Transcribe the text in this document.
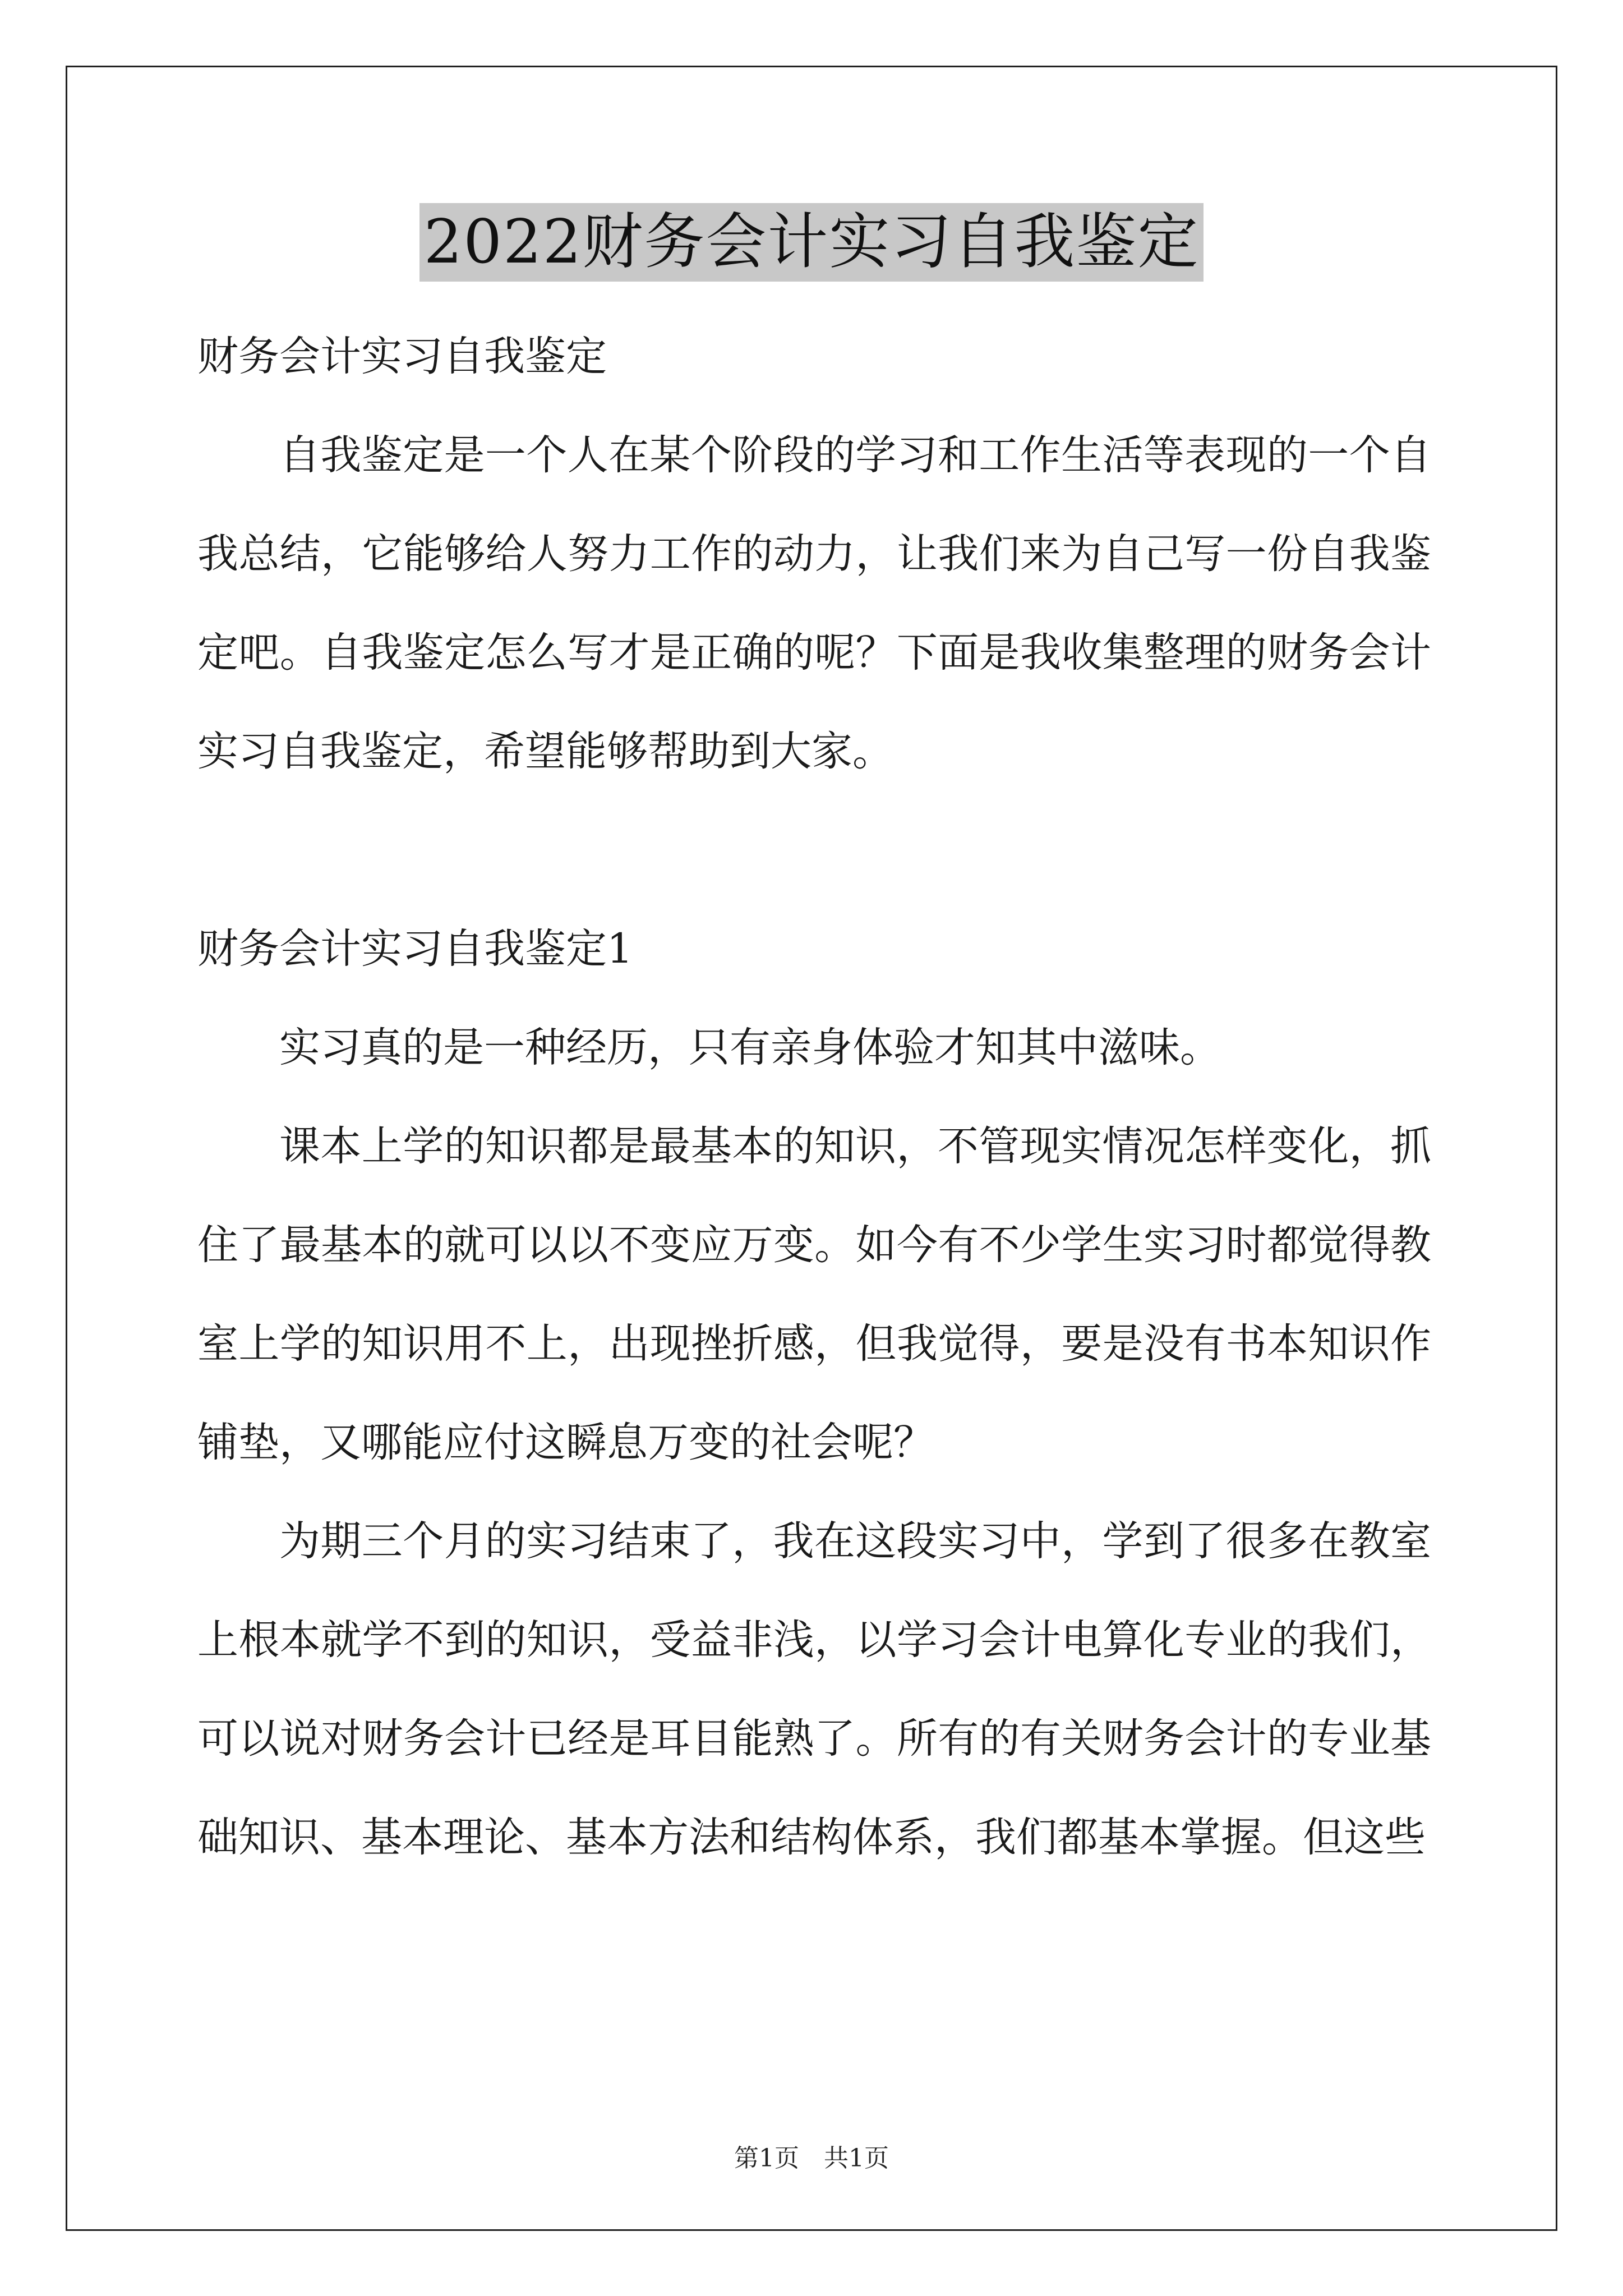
2022财务会计实习自我鉴定

财务会计实习自我鉴定

自我鉴定是一个人在某个阶段的学习和工作生活等表现的一个自我总结，它能够给人努力工作的动力，让我们来为自己写一份自我鉴定吧。自我鉴定怎么写才是正确的呢？下面是我收集整理的财务会计实习自我鉴定，希望能够帮助到大家。

财务会计实习自我鉴定1

实习真的是一种经历，只有亲身体验才知其中滋味。

课本上学的知识都是最基本的知识，不管现实情况怎样变化，抓住了最基本的就可以以不变应万变。如今有不少学生实习时都觉得教室上学的知识用不上，出现挫折感，但我觉得，要是没有书本知识作铺垫，又哪能应付这瞬息万变的社会呢？

为期三个月的实习结束了，我在这段实习中，学到了很多在教室上根本就学不到的知识，受益非浅，以学习会计电算化专业的我们，可以说对财务会计已经是耳目能熟了。所有的有关财务会计的专业基础知识、基本理论、基本方法和结构体系，我们都基本掌握。但这些

第1页　共1页
